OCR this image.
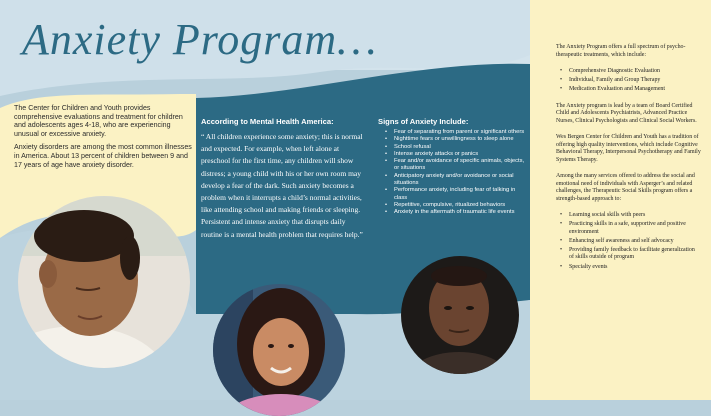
Anxiety Program…

The Center for Children and Youth provides comprehensive evaluations and treatment for children and adolescents ages 4-18, who are experiencing unusual or excessive anxiety.

Anxiety disorders are among the most common illnesses in America. About 13 percent of children between 9 and 17 years of age have anxiety disorder.

According to Mental Health America:

“ All children experience some anxiety; this is normal and expected. For example, when left alone at preschool for the first time, any children will show distress; a young child with his or her own room may develop a fear of the dark. Such anxiety becomes a problem when it interrupts a child’s normal activities, like attending school and making friends or sleeping. Persistent and intense anxiety that disrupts daily routine is a mental health problem that requires help.”

Signs of Anxiety Include:

• Fear of separating from parent or significant others
• Nighttime fears or unwillingness to sleep alone
• School refusal
• Intense anxiety attacks or panics
• Fear and/or avoidance of specific animals, objects, or situations
• Anticipatory anxiety and/or avoidance or social situations
• Performance anxiety, including fear of talking in class
• Repetitive, compulsive, ritualized behaviors
• Anxiety in the aftermath of traumatic life events

The Anxiety Program offers a full spectrum of psycho-therapeutic treatments, which include:

• Comprehensive Diagnostic Evaluation
• Individual, Family and Group Therapy
• Medication Evaluation and Management

The Anxiety program is lead by a team of Board Certified Child and Adolescents Psychiatrists, Advanced Practice Nurses, Clinical Psychologists and Clinical Social Workers.

Wes Bergen Center for Children and Youth has a tradition of offering high quality interventions, which include Cognitive Behavioral Therapy, Interpersonal Psychotherapy and Family Systems Therapy.

Among the many services offered to address the social and emotional need of individuals with Asperger’s and related challenges, the Therapeutic Social Skills program offers a strength-based approach to:

• Learning social skills with peers
• Practicing skills in a safe, supportive and positive environment
• Enhancing self awareness and self advocacy
• Providing family feedback to facilitate generalization of skills outside of program
• Specialty events
